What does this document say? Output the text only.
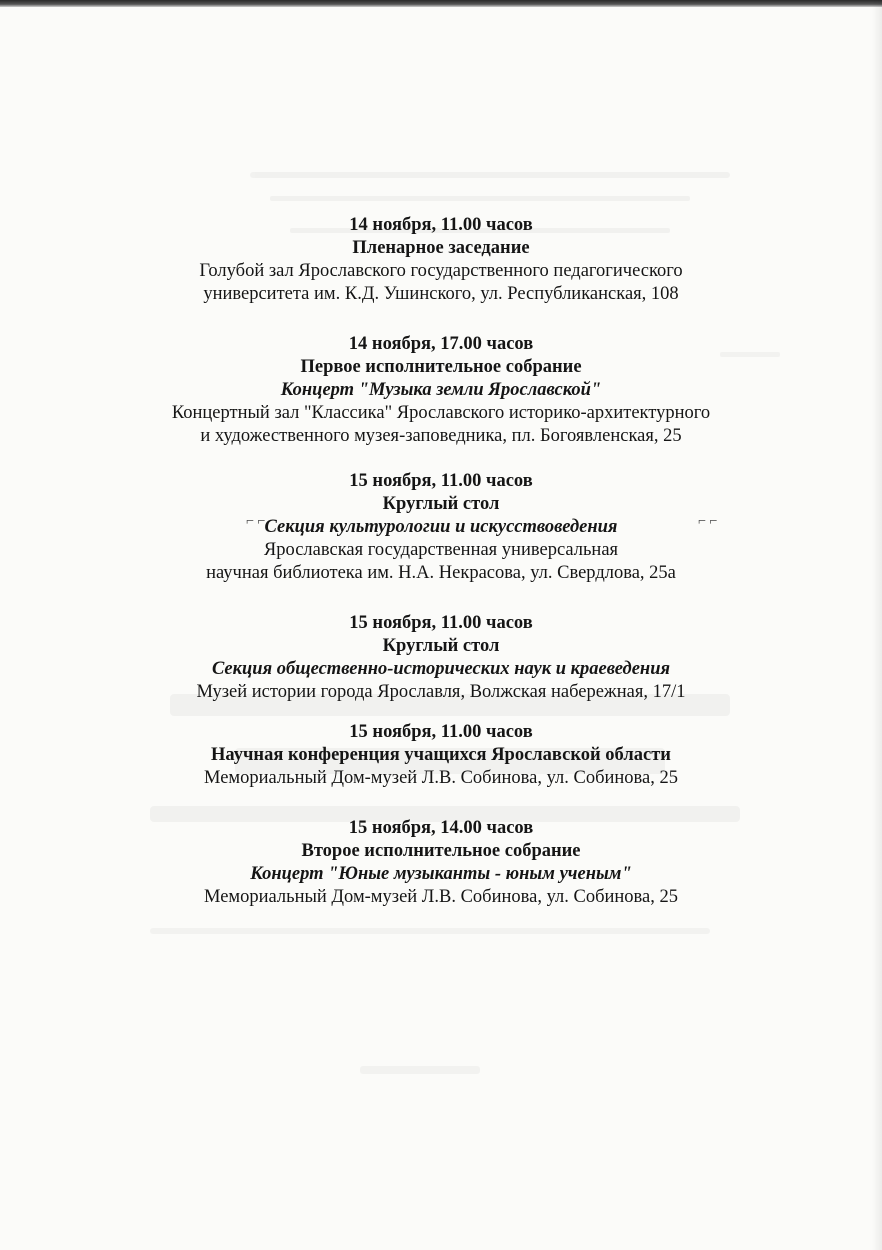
⌐ ⌐	⌐ ⌐
14 ноября, 11.00 часов
Пленарное заседание
Голубой зал Ярославского государственного педагогического
университета им. К.Д. Ушинского, ул. Республиканская, 108
14 ноября, 17.00 часов
Первое исполнительное собрание
Концерт "Музыка земли Ярославской"
Концертный зал "Классика" Ярославского историко-архитектурного
и художественного музея-заповедника, пл. Богоявленская, 25
15 ноября, 11.00 часов
Круглый стол
Секция культурологии и искусствоведения
Ярославская государственная универсальная
научная библиотека им. Н.А. Некрасова, ул. Свердлова, 25а
15 ноября, 11.00 часов
Круглый стол
Секция общественно-исторических наук и краеведения
Музей истории города Ярославля, Волжская набережная, 17/1
15 ноября, 11.00 часов
Научная конференция учащихся Ярославской области
Мемориальный Дом-музей Л.В. Собинова, ул. Собинова, 25
15 ноября, 14.00 часов
Второе исполнительное собрание
Концерт "Юные музыканты - юным ученым"
Мемориальный Дом-музей Л.В. Собинова, ул. Собинова, 25
